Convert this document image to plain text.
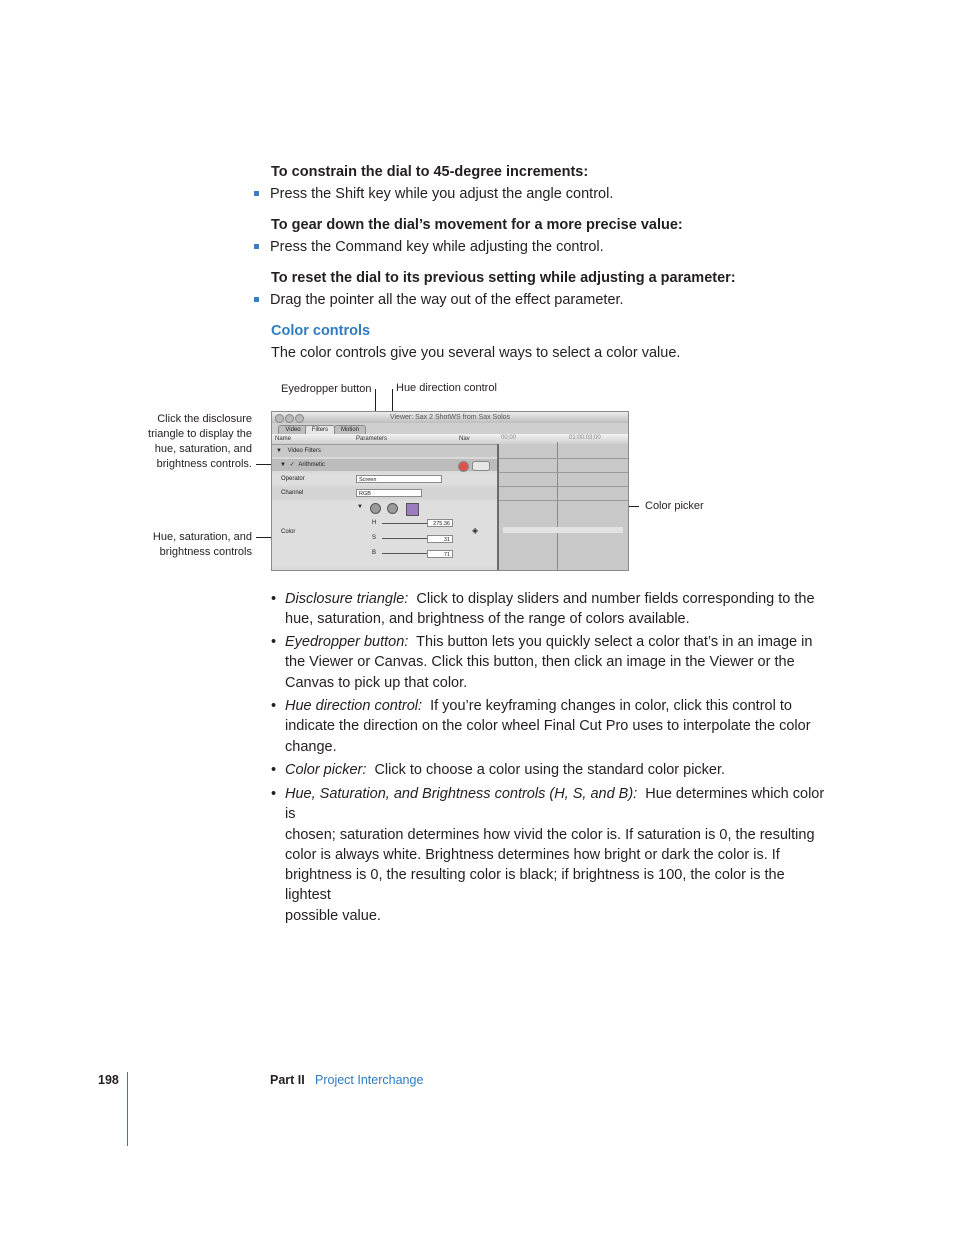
To constrain the dial to 45-degree increments:
Press the Shift key while you adjust the angle control.
To gear down the dial’s movement for a more precise value:
Press the Command key while adjusting the control.
To reset the dial to its previous setting while adjusting a parameter:
Drag the pointer all the way out of the effect parameter.
Color controls
The color controls give you several ways to select a color value.
Eyedropper button Hue direction control
Click the disclosure
triangle to display the
hue, saturation, and
brightness controls.
Color picker
Hue, saturation, and
brightness controls
Viewer: Sax 2 ShotWS from Sax Solos
Video	Filters	Motion
Name	Parameters	Nav
▼ Video Filters
▼ ✓ Arithmetic
Operator	Screen
Channel	RGB
Color
▼
H	275.36
S	31
B	71
◈
00;00	01:00:03;00
• Disclosure triangle: Click to display sliders and number fields corresponding to the
hue, saturation, and brightness of the range of colors available.
• Eyedropper button: This button lets you quickly select a color that’s in an image in
the Viewer or Canvas. Click this button, then click an image in the Viewer or the
Canvas to pick up that color.
• Hue direction control: If you’re keyframing changes in color, click this control to
indicate the direction on the color wheel Final Cut Pro uses to interpolate the color
change.
• Color picker: Click to choose a color using the standard color picker.
• Hue, Saturation, and Brightness controls (H, S, and B): Hue determines which color is
chosen; saturation determines how vivid the color is. If saturation is 0, the resulting
color is always white. Brightness determines how bright or dark the color is. If
brightness is 0, the resulting color is black; if brightness is 100, the color is the lightest
possible value.
198	Part II Project Interchange
